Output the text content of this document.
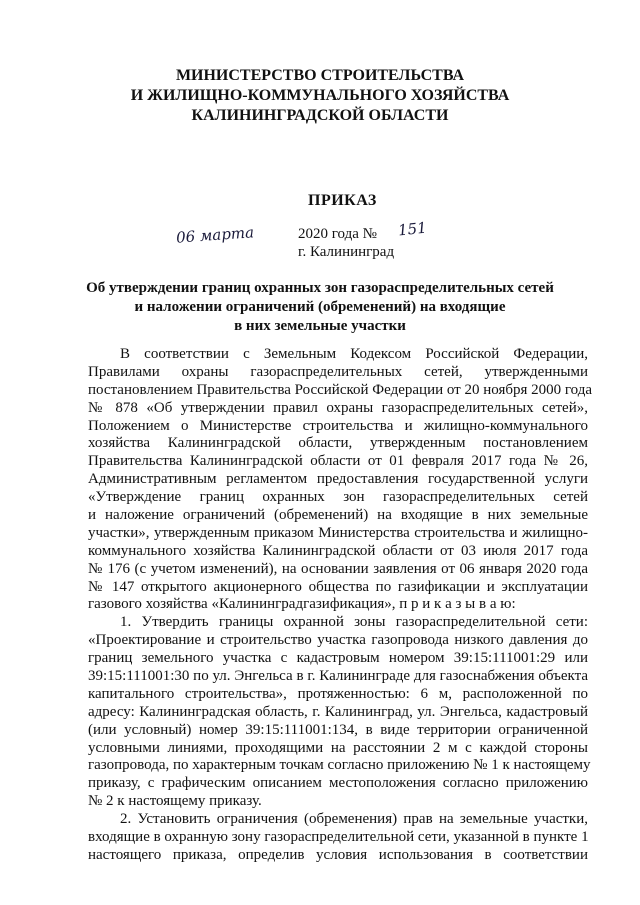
МИНИСТЕРСТВО СТРОИТЕЛЬСТВА
И ЖИЛИЩНО-КОММУНАЛЬНОГО ХОЗЯЙСТВА
КАЛИНИНГРАДСКОЙ ОБЛАСТИ
ПРИКАЗ
06 марта	2020 года № 151
г. Калининград
Об утверждении границ охранных зон газораспределительных сетей
и наложении ограничений (обременений) на входящие
в них земельные участки
В соответствии с Земельным Кодексом Российской Федерации,
Правилами охраны газораспределительных сетей, утвержденными
постановлением Правительства Российской Федерации от 20 ноября 2000 года
№ 878 «Об утверждении правил охраны газораспределительных сетей»,
Положением о Министерстве строительства и жилищно-коммунального
хозяйства Калининградской области, утвержденным постановлением
Правительства Калининградской области от 01 февраля 2017 года № 26,
Административным регламентом предоставления государственной услуги
«Утверждение границ охранных зон газораспределительных сетей
и наложение ограничений (обременений) на входящие в них земельные
участки», утвержденным приказом Министерства строительства и жилищно-
коммунального хозяйства Калининградской области от 03 июля 2017 года
№ 176 (с учетом изменений), на основании заявления от 06 января 2020 года
№ 147 открытого акционерного общества по газификации и эксплуатации
газового хозяйства «Калининградгазификация», п р и к а з ы в а ю:
1. Утвердить границы охранной зоны газораспределительной сети:
«Проектирование и строительство участка газопровода низкого давления до
границ земельного участка с кадастровым номером 39:15:111001:29 или
39:15:111001:30 по ул. Энгельса в г. Калининграде для газоснабжения объекта
капитального строительства», протяженностью: 6 м, расположенной по
адресу: Калининградская область, г. Калининград, ул. Энгельса, кадастровый
(или условный) номер 39:15:111001:134, в виде территории ограниченной
условными линиями, проходящими на расстоянии 2 м с каждой стороны
газопровода, по характерным точкам согласно приложению № 1 к настоящему
приказу, с графическим описанием местоположения согласно приложению
№ 2 к настоящему приказу.
2. Установить ограничения (обременения) прав на земельные участки,
входящие в охранную зону газораспределительной сети, указанной в пункте 1
настоящего приказа, определив условия использования в соответствии
